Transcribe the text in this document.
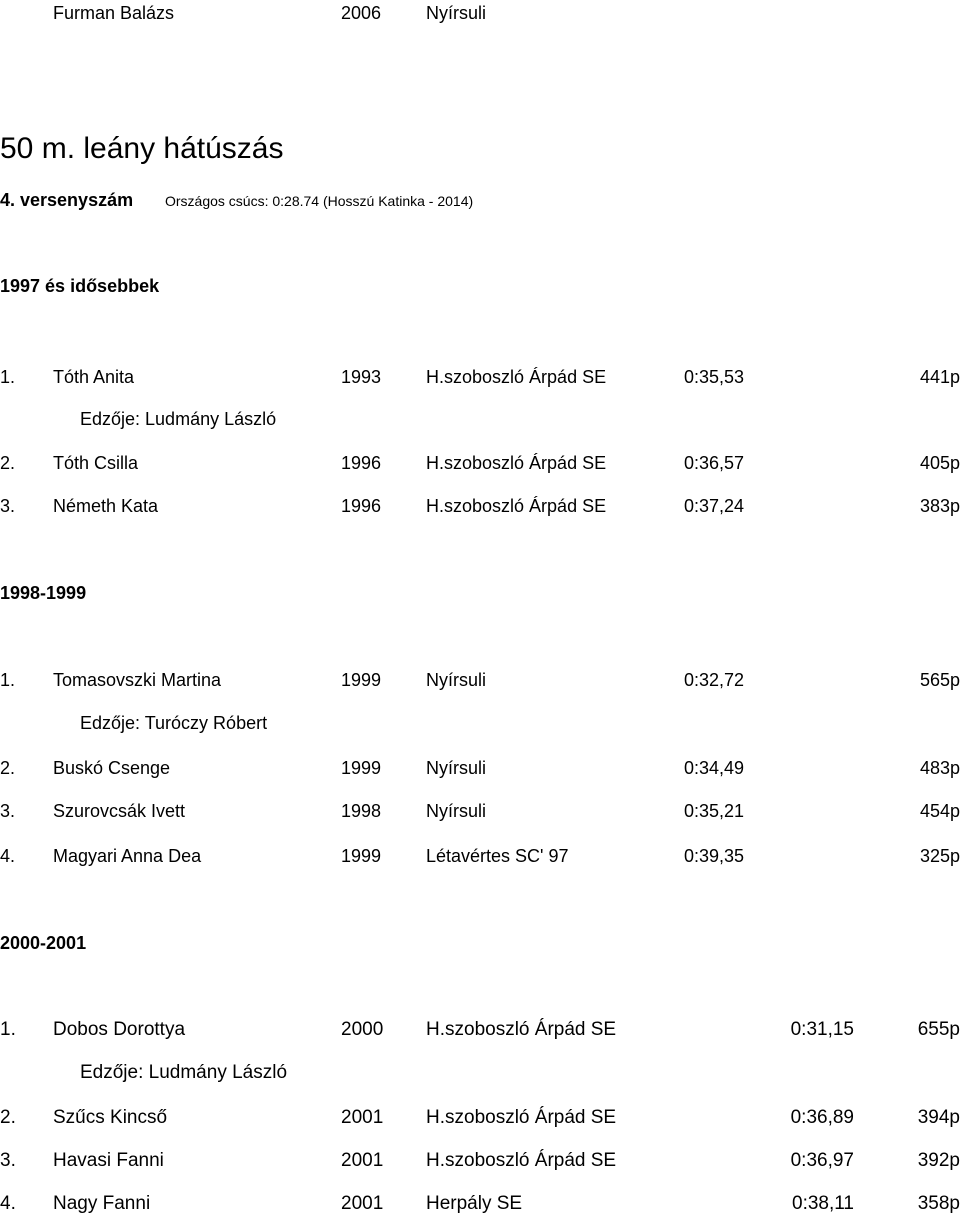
Furman Balázs	2006 Nyírsuli
50 m. leány hátúszás
4. versenyszám Országos csúcs: 0:28.74 (Hosszú Katinka - 2014)
1997 és idősebbek
1. Tóth Anita	1993 H.szoboszló Árpád SE	0:35,53	441p
Edzője: Ludmány László
2. Tóth Csilla	1996 H.szoboszló Árpád SE	0:36,57	405p
3. Németh Kata	1996 H.szoboszló Árpád SE	0:37,24	383p
1998-1999
1. Tomasovszki Martina	1999 Nyírsuli	0:32,72	565p
Edzője: Turóczy Róbert
2. Buskó Csenge	1999 Nyírsuli	0:34,49	483p
3. Szurovcsák Ivett	1998 Nyírsuli	0:35,21	454p
4. Magyari Anna Dea	1999 Létavértes SC' 97	0:39,35	325p
2000-2001
1. Dobos Dorottya	2000 H.szoboszló Árpád SE	0:31,15	655p
Edzője: Ludmány László
2. Szűcs Kincső	2001 H.szoboszló Árpád SE	0:36,89	394p
3. Havasi Fanni	2001 H.szoboszló Árpád SE	0:36,97	392p
4. Nagy Fanni	2001 Herpály SE	0:38,11	358p
